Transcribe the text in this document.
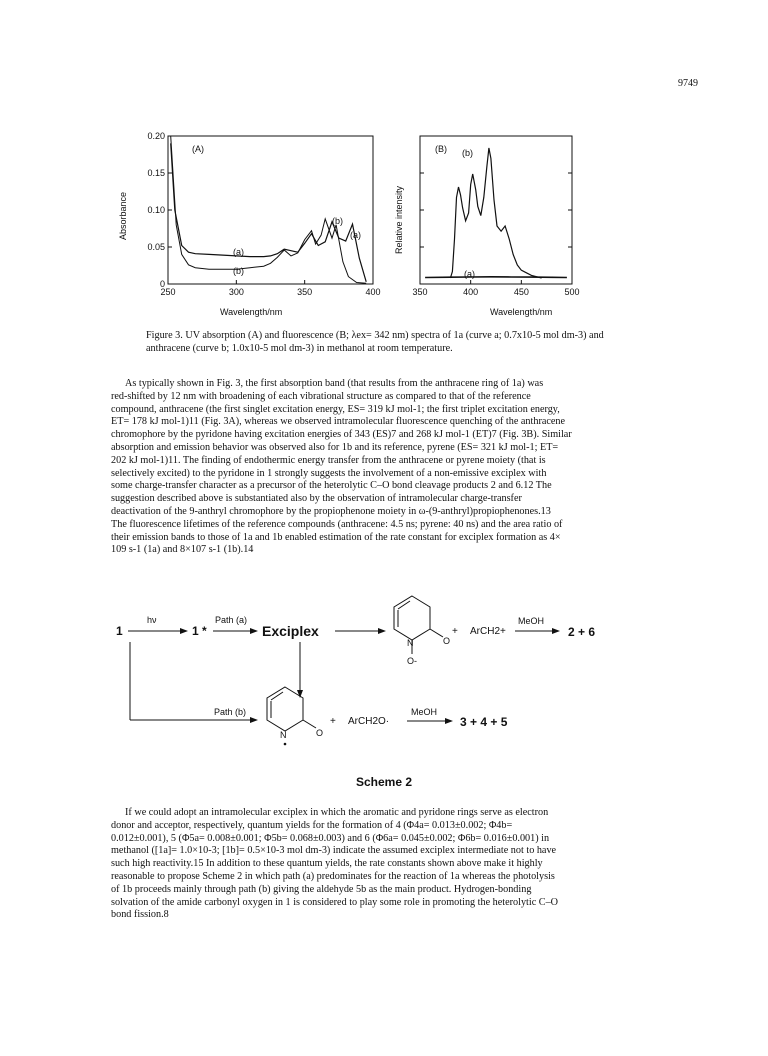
9749
250	300	350	400
0
0.05
0.10
0.15
0.20
350	400	450	500
(A)	(B)
Absorbance	Relative intensity
Wavelength/nm	Wavelength/nm
(a)
(b)
(b)
(a)
(b)
(a)

Figure 3. UV absorption (A) and fluorescence (B; λex= 342 nm) spectra of 1a (curve a; 0.7x10-5 mol dm-3) and anthracene (curve b; 1.0x10-5 mol dm-3) in methanol at room temperature.

As typically shown in Fig. 3, the first absorption band (that results from the anthracene ring of 1a) was
red-shifted by 12 nm with broadening of each vibrational structure as compared to that of the reference
compound, anthracene (the first singlet excitation energy, ES= 319 kJ mol-1; the first triplet excitation energy,
ET= 178 kJ mol-1)11 (Fig. 3A), whereas we observed intramolecular fluorescence quenching of the anthracene
chromophore by the pyridone having excitation energies of 343 (ES)7 and 268 kJ mol-1 (ET)7 (Fig. 3B). Similar
absorption and emission behavior was observed also for 1b and its reference, pyrene (ES= 321 kJ mol-1; ET=
202 kJ mol-1)11. The finding of endothermic energy transfer from the anthracene or pyrene moiety (that is
selectively excited) to the pyridone in 1 strongly suggests the involvement of a non-emissive exciplex with
some charge-transfer character as a precursor of the heterolytic C–O bond cleavage products 2 and 6.12 The
suggestion described above is substantiated also by the observation of intramolecular charge-transfer
deactivation of the 9-anthryl chromophore by the propiophenone moiety in ω-(9-anthryl)propiophenones.13
The fluorescence lifetimes of the reference compounds (anthracene: 4.5 ns; pyrene: 40 ns) and the area ratio of
their emission bands to those of 1a and 1b enabled estimation of the rate constant for exciplex formation as 4×
109 s-1 (1a) and 8×107 s-1 (1b).14
1
hν
1 *
Path (a)
Exciplex
N	O
O-
+ ArCH2+
MeOH
2 + 6
Path (b)
N	O
+ ArCH2O·
MeOH
3 + 4 + 5
Scheme 2
If we could adopt an intramolecular exciplex in which the aromatic and pyridone rings serve as electron
donor and acceptor, respectively, quantum yields for the formation of 4 (Φ4a= 0.013±0.002; Φ4b=
0.012±0.001), 5 (Φ5a= 0.008±0.001; Φ5b= 0.068±0.003) and 6 (Φ6a= 0.045±0.002; Φ6b= 0.016±0.001) in
methanol ([1a]= 1.0×10-3; [1b]= 0.5×10-3 mol dm-3) indicate the assumed exciplex intermediate not to have
such high reactivity.15 In addition to these quantum yields, the rate constants shown above make it highly
reasonable to propose Scheme 2 in which path (a) predominates for the reaction of 1a whereas the photolysis
of 1b proceeds mainly through path (b) giving the aldehyde 5b as the main product. Hydrogen-bonding
solvation of the amide carbonyl oxygen in 1 is considered to play some role in promoting the heterolytic C–O
bond fission.8
